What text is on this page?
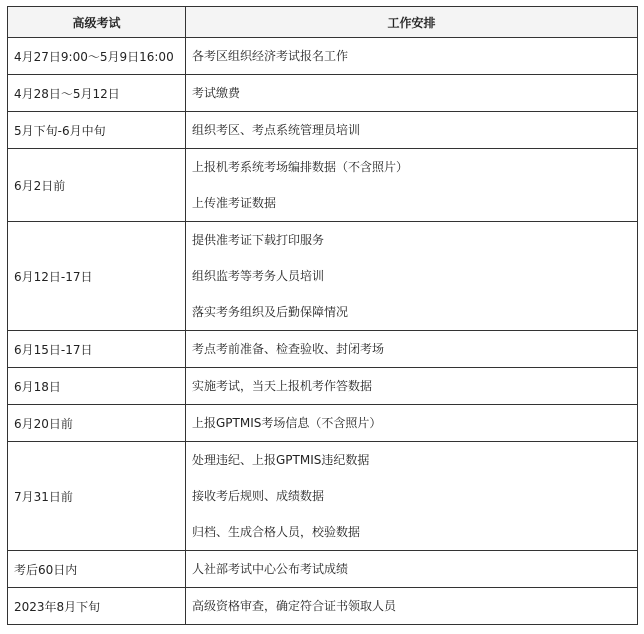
高级考试	工作安排
4月27日9:00～5月9日16:00	各考区组织经济考试报名工作

4月28日～5月12日	考试缴费

5月下旬-6月中旬	组织考区、考点系统管理员培训

6月2日前	上报机考系统考场编排数据（不含照片）
上传准考证数据

6月12日-17日	提供准考证下载打印服务
组织监考等考务人员培训
落实考务组织及后勤保障情况

6月15日-17日	考点考前准备、检查验收、封闭考场

6月18日	实施考试，当天上报机考作答数据

6月20日前	上报GPTMIS考场信息（不含照片）

7月31日前	处理违纪、上报GPTMIS违纪数据
接收考后规则、成绩数据
归档、生成合格人员，校验数据

考后60日内	人社部考试中心公布考试成绩

2023年8月下旬	高级资格审查，确定符合证书领取人员
